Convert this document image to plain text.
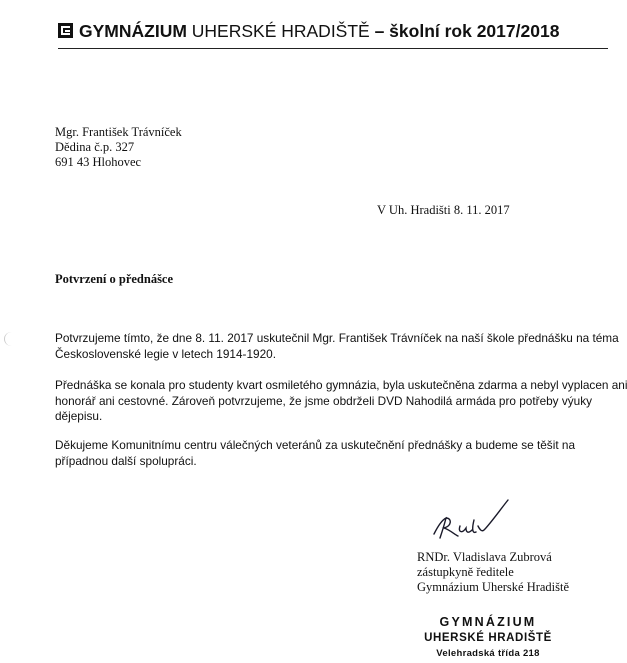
GYMNÁZIUM UHERSKÉ HRADIŠTĚ – školní rok 2017/2018
Mgr. František Trávníček
Dědina č.p. 327
691 43 Hlohovec
V Uh. Hradišti 8. 11. 2017
Potvrzení o přednášce
Potvrzujeme tímto, že dne 8. 11. 2017 uskutečnil Mgr. František Trávníček na naší škole přednášku na téma
Československé legie v letech 1914-1920.
Přednáška se konala pro studenty kvart osmiletého gymnázia, byla uskutečněna zdarma a nebyl vyplacen ani
honorář ani cestovné. Zároveň potvrzujeme, že jsme obdrželi DVD Nahodilá armáda pro potřeby výuky
dějepisu.
Děkujeme Komunitnímu centru válečných veteránů za uskutečnění přednášky a budeme se těšit na
případnou další spolupráci.
RNDr. Vladislava Zubrová
zástupkyně ředitele
Gymnázium Uherské Hradiště
GYMNÁZIUM
UHERSKÉ HRADIŠTĚ
Velehradská třída 218
